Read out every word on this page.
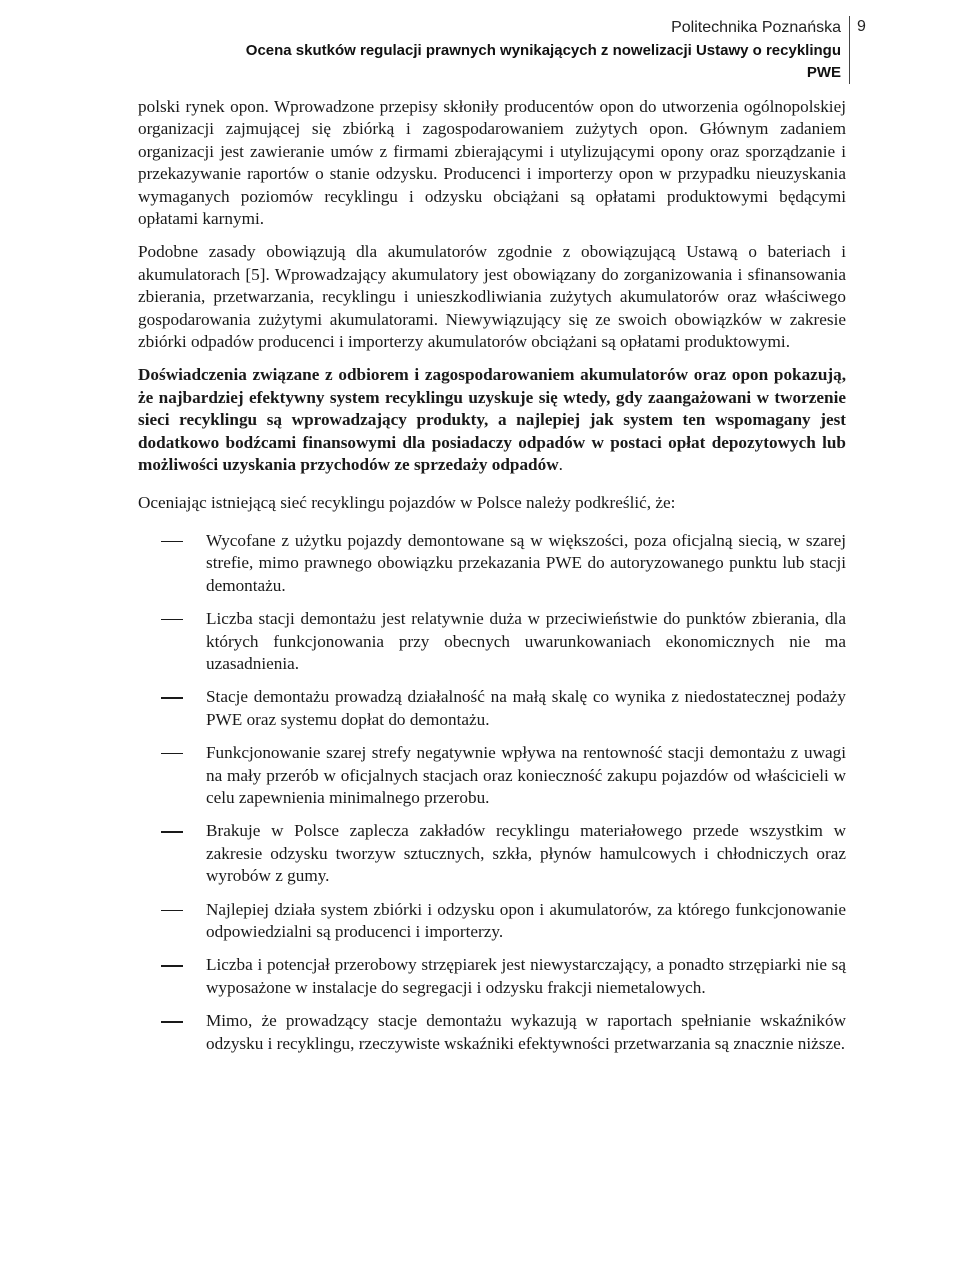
Politechnika Poznańska
Ocena skutków regulacji prawnych wynikających z nowelizacji Ustawy o recyklingu
PWE
9

polski rynek opon. Wprowadzone przepisy skłoniły producentów opon do utworzenia ogólnopolskiej organizacji zajmującej się zbiórką i zagospodarowaniem zużytych opon. Głównym zadaniem organizacji jest zawieranie umów z firmami zbierającymi i utylizującymi opony oraz sporządzanie i przekazywanie raportów o stanie odzysku. Producenci i importerzy opon w przypadku nieuzyskania wymaganych poziomów recyklingu i odzysku obciążani są opłatami produktowymi będącymi opłatami karnymi.

Podobne zasady obowiązują dla akumulatorów zgodnie z obowiązującą Ustawą o bateriach i akumulatorach [5]. Wprowadzający akumulatory jest obowiązany do zorganizowania i sfinansowania zbierania, przetwarzania, recyklingu i unieszkodliwiania zużytych akumulatorów oraz właściwego gospodarowania zużytymi akumulatorami. Niewywiązujący się ze swoich obowiązków w zakresie zbiórki odpadów producenci i importerzy akumulatorów obciążani są opłatami produktowymi.

Doświadczenia związane z odbiorem i zagospodarowaniem akumulatorów oraz opon pokazują, że najbardziej efektywny system recyklingu uzyskuje się wtedy, gdy zaangażowani w tworzenie sieci recyklingu są wprowadzający produkty, a najlepiej jak system ten wspomagany jest dodatkowo bodźcami finansowymi dla posiadaczy odpadów w postaci opłat depozytowych lub możliwości uzyskania przychodów ze sprzedaży odpadów.

Oceniając istniejącą sieć recyklingu pojazdów w Polsce należy podkreślić, że:

Wycofane z użytku pojazdy demontowane są w większości, poza oficjalną siecią, w szarej strefie, mimo prawnego obowiązku przekazania PWE do autoryzowanego punktu lub stacji demontażu.
Liczba stacji demontażu jest relatywnie duża w przeciwieństwie do punktów zbierania, dla których funkcjonowania przy obecnych uwarunkowaniach ekonomicznych nie ma uzasadnienia.
Stacje demontażu prowadzą działalność na małą skalę co wynika z niedostatecznej podaży PWE oraz systemu dopłat do demontażu.
Funkcjonowanie szarej strefy negatywnie wpływa na rentowność stacji demontażu z uwagi na mały przerób w oficjalnych stacjach oraz konieczność zakupu pojazdów od właścicieli w celu zapewnienia minimalnego przerobu.
Brakuje w Polsce zaplecza zakładów recyklingu materiałowego przede wszystkim w zakresie odzysku tworzyw sztucznych, szkła, płynów hamulcowych i chłodniczych oraz wyrobów z gumy.
Najlepiej działa system zbiórki i odzysku opon i akumulatorów, za którego funkcjonowanie odpowiedzialni są producenci i importerzy.
Liczba i potencjał przerobowy strzępiarek jest niewystarczający, a ponadto strzępiarki nie są wyposażone w instalacje do segregacji i odzysku frakcji niemetalowych.
Mimo, że prowadzący stacje demontażu wykazują w raportach spełnianie wskaźników odzysku i recyklingu, rzeczywiste wskaźniki efektywności przetwarzania są znacznie niższe.
